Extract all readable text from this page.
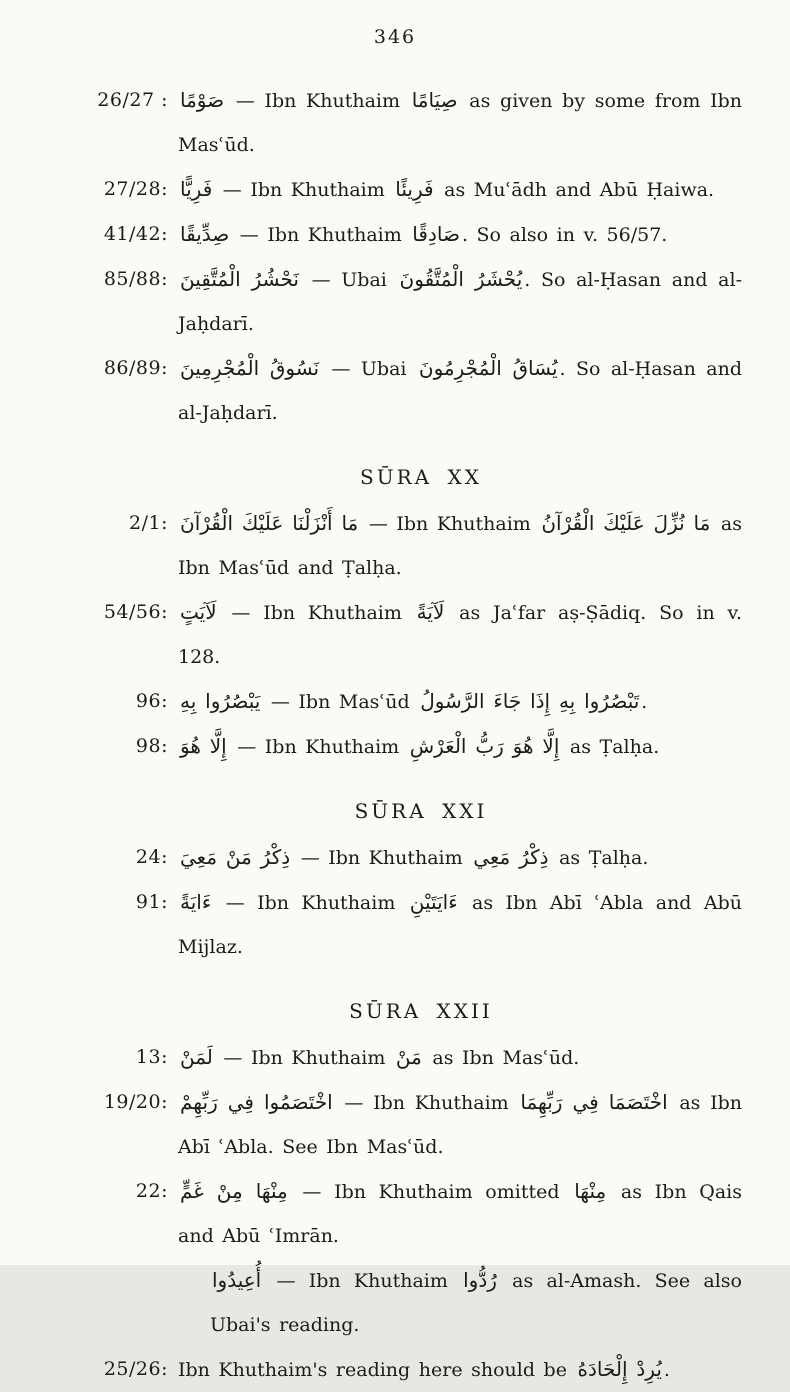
346
26/27 : صَوْمًا — Ibn Khuthaim صِيَامًا as given by some from Ibn Masʿūd.
27/28: فَرِيًّا — Ibn Khuthaim فَرِيئًا as Muʿādh and Abū Ḥaiwa.
41/42: صِدِّيقًا — Ibn Khuthaim صَادِقًا . So also in v. 56/57.
85/88: نَحْشُرُ الْمُتَّقِينَ — Ubai يُحْشَرُ الْمُتَّقُونَ . So al-Ḥasan and al-Jaḥdarī.
86/89: نَسُوقُ الْمُجْرِمِينَ — Ubai يُسَاقُ الْمُجْرِمُونَ . So al-Ḥasan and al-Jaḥdarī.
SŪRA XX
2/1: مَا أَنْزَلْنَا عَلَيْكَ الْقُرْآنَ — Ibn Khuthaim مَا نُزِّلَ عَلَيْكَ الْقُرْآنُ as Ibn Masʿūd and Ṭalḥa.
54/56: لَآيَتٍ — Ibn Khuthaim لَآيَةً as Jaʿfar aṣ-Ṣādiq. So in v. 128.
96: يَبْصُرُوا بِهِ — Ibn Masʿūd تَبْصُرُوا بِهِ إِذَا جَاءَ الرَّسُولُ .
98: إِلَّا هُوَ — Ibn Khuthaim إِلَّا هُوَ رَبُّ الْعَرْشِ as Ṭalḥa.
SŪRA XXI
24: ذِكْرُ مَنْ مَعِيَ — Ibn Khuthaim ذِكْرُ مَعِي as Ṭalḥa.
91: ءَايَةً — Ibn Khuthaim ءَايَتَيْنِ as Ibn Abī ʿAbla and Abū Mijlaz.
SŪRA XXII
13: لَمَنْ — Ibn Khuthaim مَنْ as Ibn Masʿūd.
19/20: اخْتَصَمُوا فِي رَبِّهِمْ — Ibn Khuthaim اخْتَصَمَا فِي رَبِّهِمَا as Ibn Abī ʿAbla. See Ibn Masʿūd.
22: مِنْهَا مِنْ غَمٍّ — Ibn Khuthaim omitted مِنْهَا as Ibn Qais and Abū ʿImrān.
أُعِيدُوا — Ibn Khuthaim رُدُّوا as al-Amash. See also Ubai's reading.
25/26: Ibn Khuthaim's reading here should be يُرِدْ إِلْحَادَهُ .
